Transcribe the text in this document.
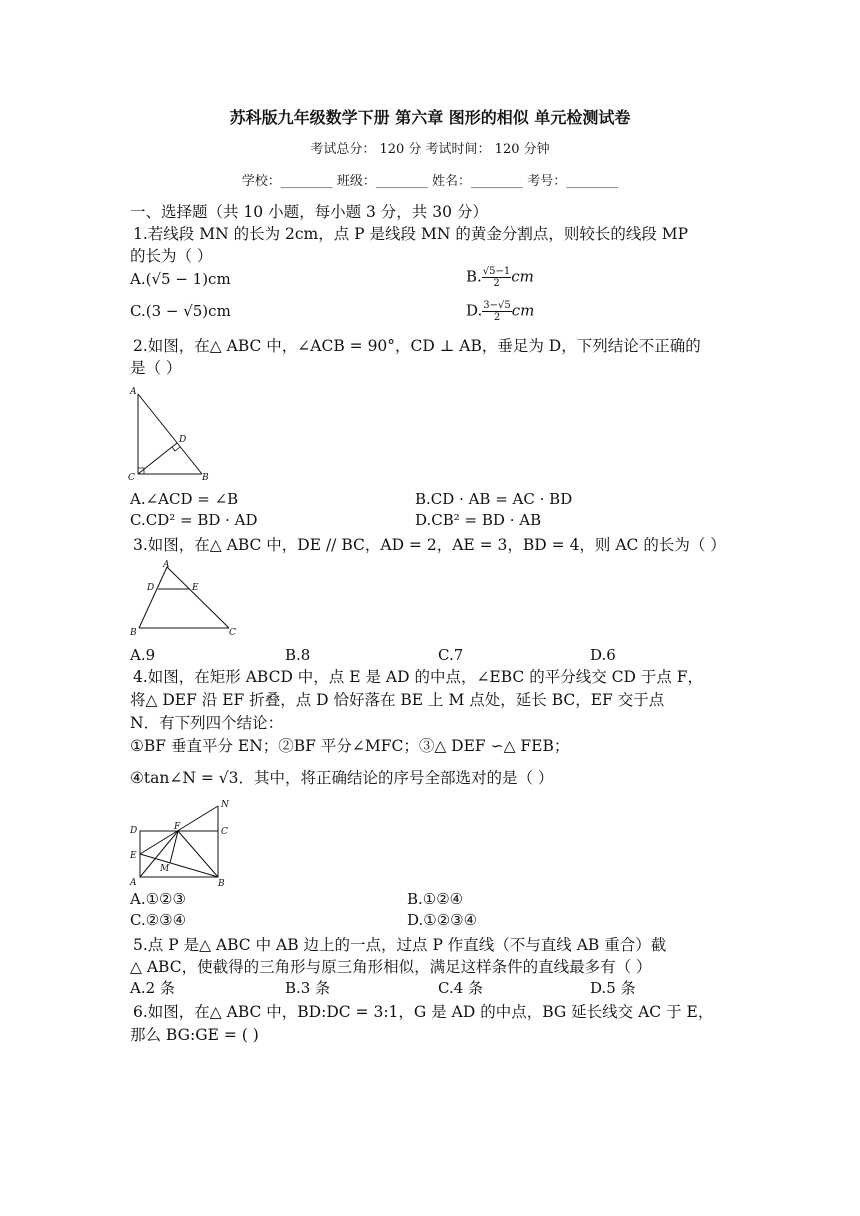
苏科版九年级数学下册 第六章 图形的相似 单元检测试卷
考试总分： 120 分 考试时间： 120 分钟
学校：________ 班级：________ 姓名：________ 考号：________
一、选择题（共 10 小题，每小题 3 分，共 30 分）
1.若线段 MN 的长为 2cm，点 P 是线段 MN 的黄金分割点，则较长的线段 MP
的长为（ ）
A.(√5 − 1)cm	B. $\frac{√5-1}{2}$ cm
C.(3 − √5)cm	D. $\frac{3-√5}{2}$ cm
2.如图，在△ ABC 中，∠ACB = 90°，CD ⊥ AB，垂足为 D，下列结论不正确的
是（ ）
A
D
C	B
A.∠ACD = ∠B	B.CD · AB = AC · BD
C.CD² = BD · AD	D.CB² = BD · AB
3.如图，在△ ABC 中，DE // BC，AD = 2，AE = 3，BD = 4，则 AC 的长为（ ）
A
D	E
B	C
A.9	B.8	C.7	D.6
4.如图，在矩形 ABCD 中，点 E 是 AD 的中点，∠EBC 的平分线交 CD 于点 F，
将△ DEF 沿 EF 折叠，点 D 恰好落在 BE 上 M 点处，延长 BC，EF 交于点
N．有下列四个结论：
①BF 垂直平分 EN；②BF 平分∠MFC；③△ DEF ∽△ FEB；
④tan∠N = √3．其中，将正确结论的序号全部选对的是（ ）
N
D	F	C
E
M
A	B
A.①②③	B.①②④
C.②③④	D.①②③④
5.点 P 是△ ABC 中 AB 边上的一点，过点 P 作直线（不与直线 AB 重合）截
△ ABC，使截得的三角形与原三角形相似，满足这样条件的直线最多有（ ）
A.2 条	B.3 条	C.4 条	D.5 条
6.如图，在△ ABC 中，BD:DC = 3:1，G 是 AD 的中点，BG 延长线交 AC 于 E，
那么 BG:GE = ( )
